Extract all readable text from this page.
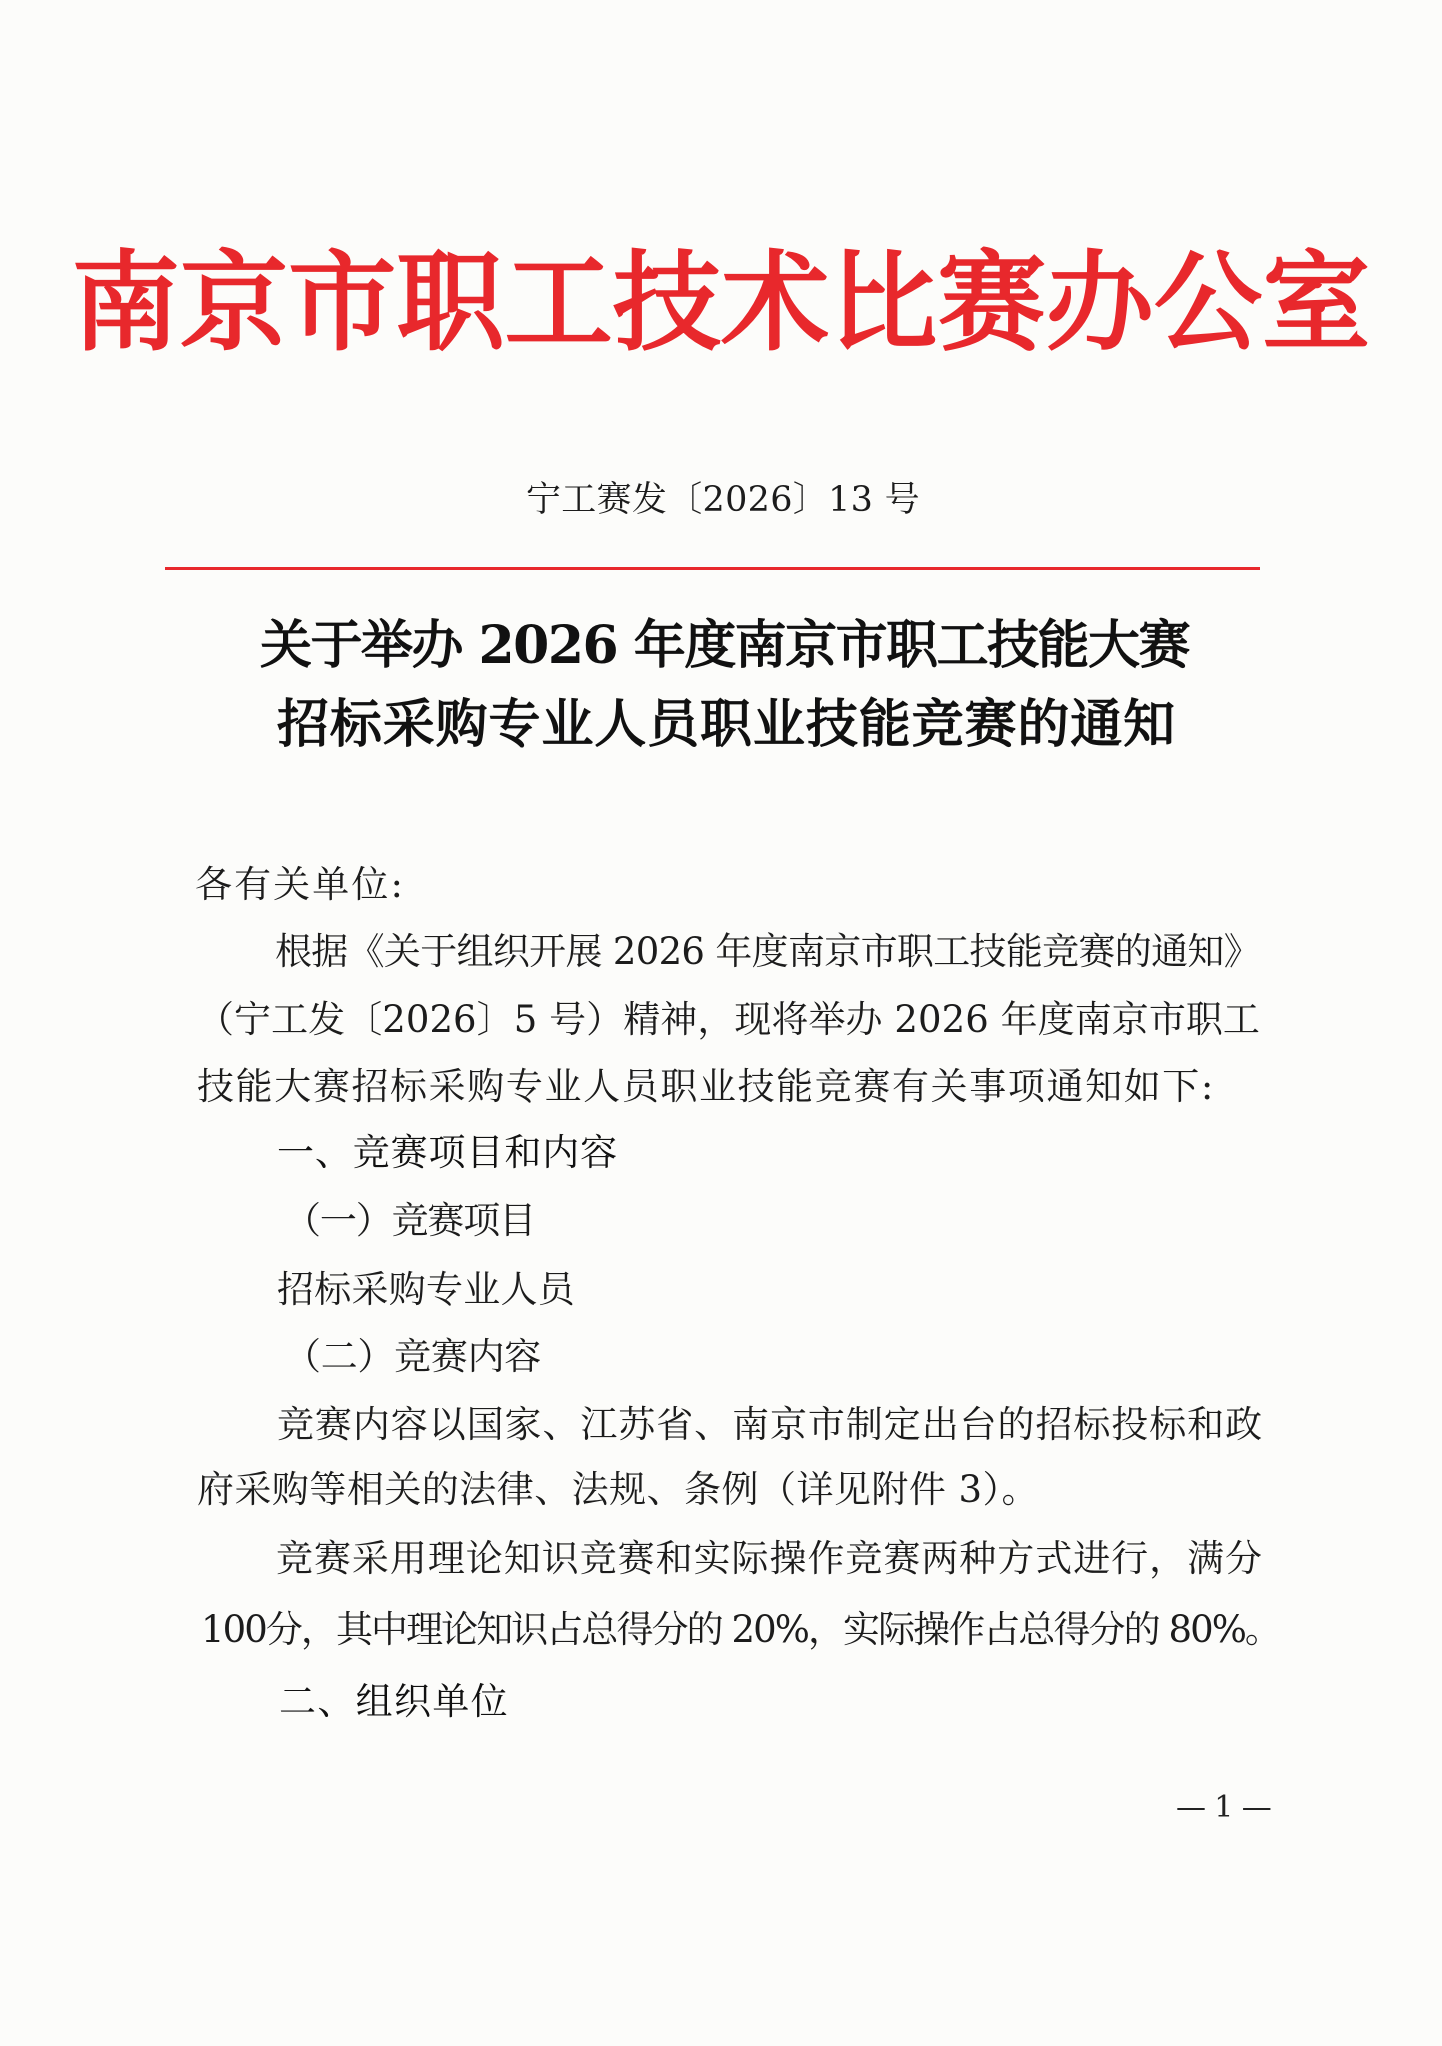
南京市职工技术比赛办公室
宁工赛发〔2026〕13 号
关于举办 2026 年度南京市职工技能大赛
招标采购专业人员职业技能竞赛的通知
各有关单位:
根据《关于组织开展 2026 年度南京市职工技能竞赛的通知》
（宁工发〔2026〕5 号）精神，现将举办 2026 年度南京市职工
技能大赛招标采购专业人员职业技能竞赛有关事项通知如下:
一、竞赛项目和内容
（一）竞赛项目
招标采购专业人员
（二）竞赛内容
竞赛内容以国家、江苏省、南京市制定出台的招标投标和政
府采购等相关的法律、法规、条例（详见附件 3）。
竞赛采用理论知识竞赛和实际操作竞赛两种方式进行，满分
100分，其中理论知识占总得分的 20%，实际操作占总得分的 80%。
二、组织单位
—1—
